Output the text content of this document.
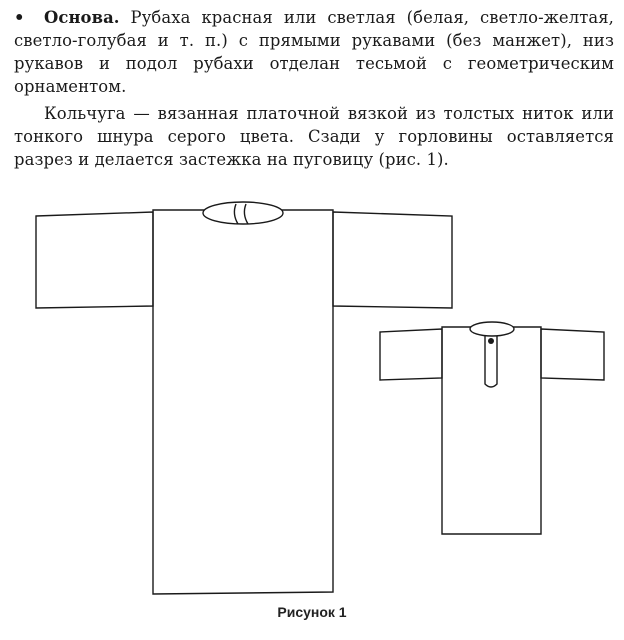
• Основа. Рубаха красная или светлая (белая, светло-желтая, светло-голубая и т. п.) с прямыми рукавами (без манжет), низ рукавов и подол рубахи отделан тесьмой с геометрическим орнаментом.

Кольчуга — вязанная платочной вязкой из толстых ниток или тонкого шнура серого цвета. Сзади у горловины оставляется разрез и делается застежка на пуговицу (рис. 1).

Рисунок 1
